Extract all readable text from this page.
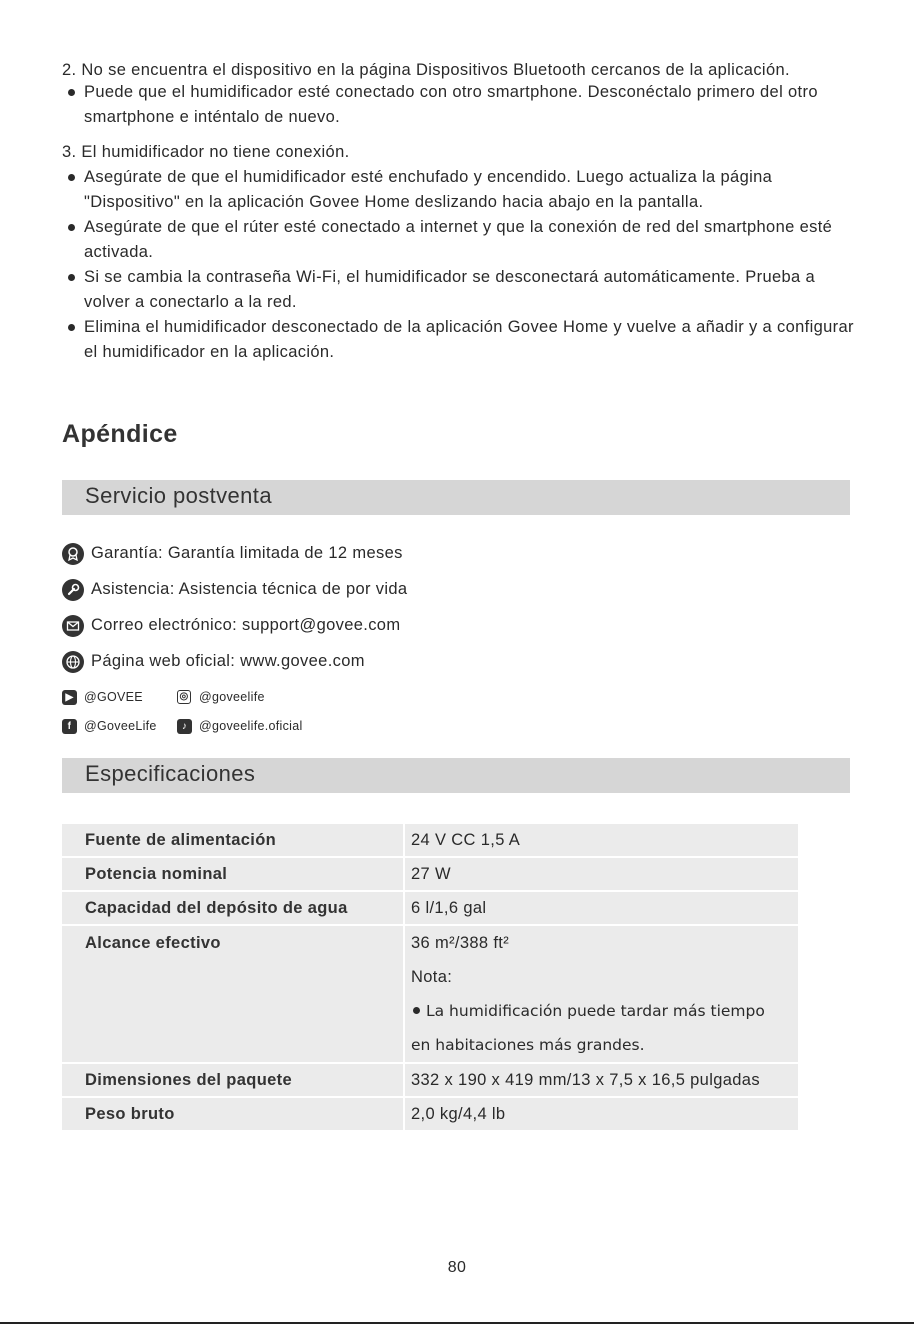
2. No se encuentra el dispositivo en la página Dispositivos Bluetooth cercanos de la aplicación.
Puede que el humidificador esté conectado con otro smartphone. Desconéctalo primero del otro smartphone e inténtalo de nuevo.
3. El humidificador no tiene conexión.
Asegúrate de que el humidificador esté enchufado y encendido. Luego actualiza la página "Dispositivo" en la aplicación Govee Home deslizando hacia abajo en la pantalla.
Asegúrate de que el rúter esté conectado a internet y que la conexión de red del smartphone esté activada.
Si se cambia la contraseña Wi-Fi, el humidificador se desconectará automáticamente. Prueba a volver a conectarlo a la red.
Elimina el humidificador desconectado de la aplicación Govee Home y vuelve a añadir y a configurar el humidificador en la aplicación.
Apéndice
Servicio postventa
Garantía: Garantía limitada de 12 meses
Asistencia: Asistencia técnica de por vida
Correo electrónico: support@govee.com
Página web oficial: www.govee.com
▶ @GOVEE	◎ @goveelife
f	@GoveeLife	♪ @goveelife.oficial
Especificaciones
Fuente de alimentación		24 V CC 1,5 A
Potencia nominal		27 W
Capacidad del depósito de agua		6 l/1,6 gal

Alcance efectivo		36 m²/388 ft²
Nota:
La humidificación puede tardar más tiempo
en habitaciones más grandes.

Dimensiones del paquete		332 x 190 x 419 mm/13 x 7,5 x 16,5 pulgadas
Peso bruto		2,0 kg/4,4 lb
80
